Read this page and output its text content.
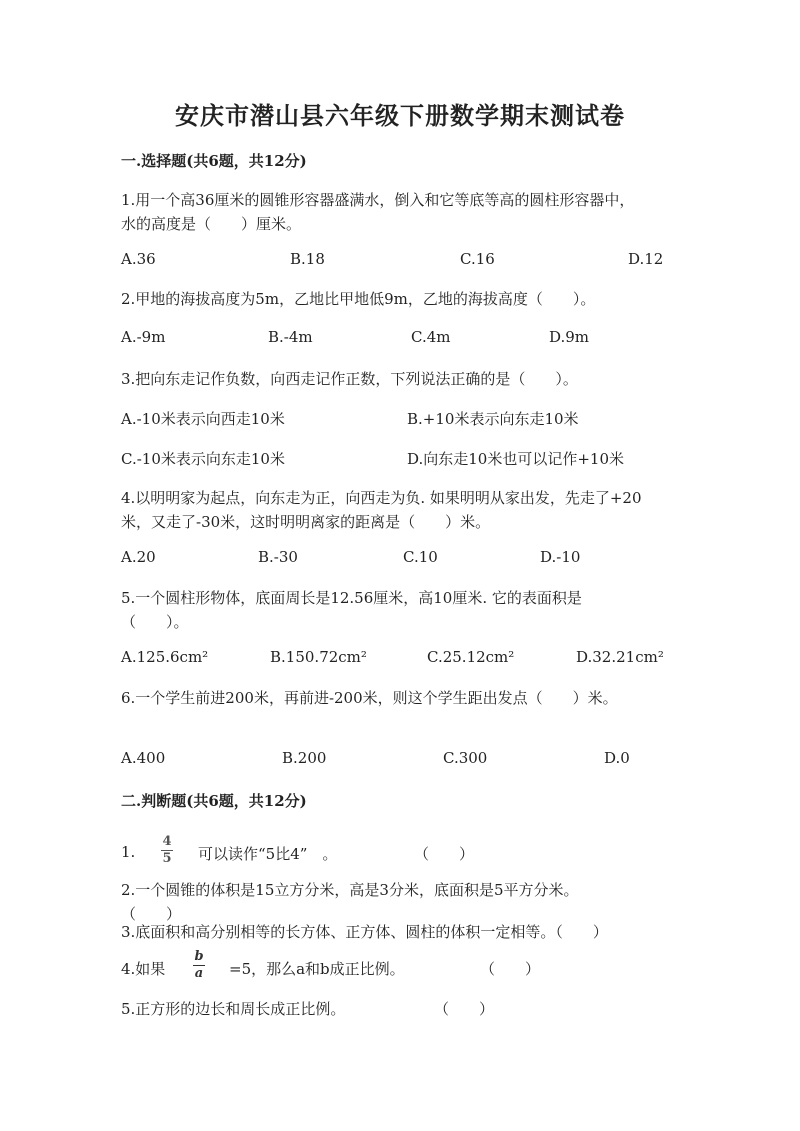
安庆市潜山县六年级下册数学期末测试卷
一.选择题(共6题，共12分)
1.用一个高36厘米的圆锥形容器盛满水，倒入和它等底等高的圆柱形容器中，
水的高度是（　　）厘米。
A.36	B.18	C.16	D.12
2.甲地的海拔高度为5m，乙地比甲地低9m，乙地的海拔高度（　　）。
A.-9m	B.-4m	C.4m	D.9m
3.把向东走记作负数，向西走记作正数，下列说法正确的是（　　）。
A.-10米表示向西走10米	B.+10米表示向东走10米
C.-10米表示向东走10米	D.向东走10米也可以记作+10米
4.以明明家为起点，向东走为正，向西走为负. 如果明明从家出发，先走了+20
米，又走了-30米，这时明明离家的距离是（　　）米。
A.20	B.-30	C.10	D.-10
5.一个圆柱形物体，底面周长是12.56厘米，高10厘米. 它的表面积是
（　　）。
A.125.6cm²	B.150.72cm²	C.25.12cm²	D.32.21cm²
6.一个学生前进200米，再前进-200米，则这个学生距出发点（　　）米。
A.400	B.200	C.300	D.0
二.判断题(共6题，共12分)
1.
4
5 可以读作“5比4”　。	（　　）
2.一个圆锥的体积是15立方分米，高是3分米，底面积是5平方分米。
（　　）
3.底面积和高分别相等的长方体、正方体、圆柱的体积一定相等。（　　）
4.如果
b
a =5，那么a和b成正比例。	（　　）
5.正方形的边长和周长成正比例。	（　　）
